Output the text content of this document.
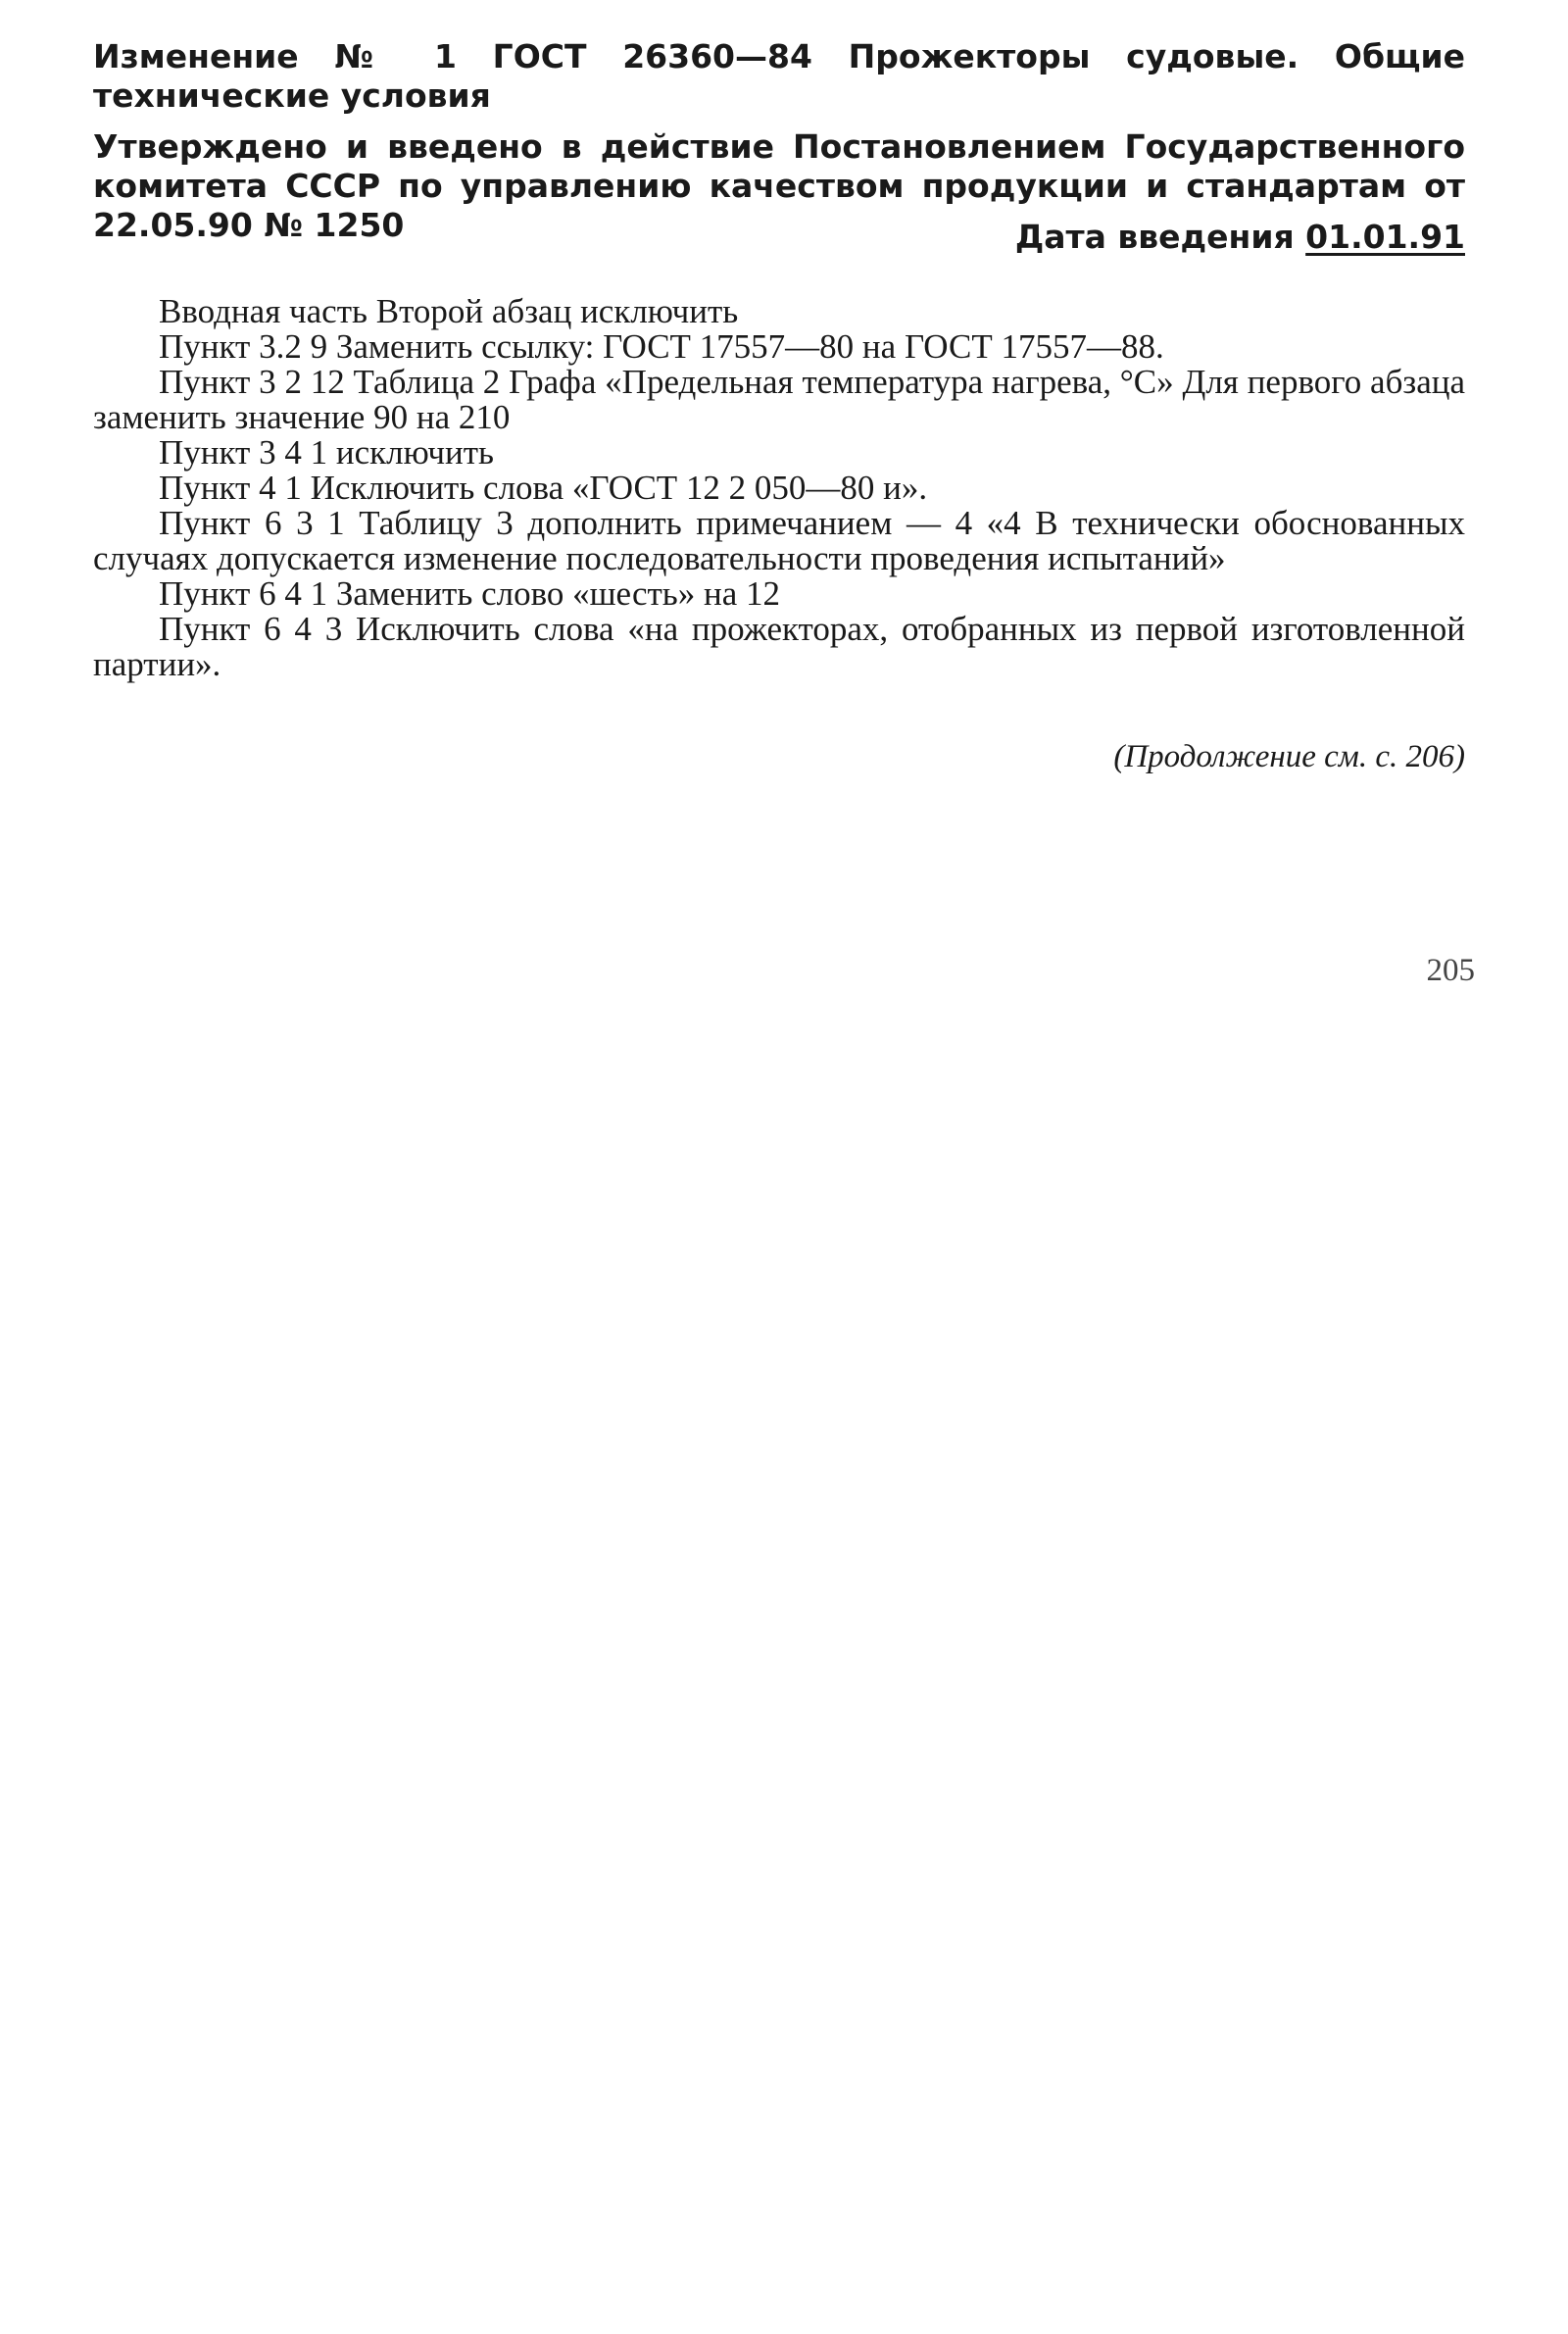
Изменение № 1 ГОСТ 26360—84 Прожекторы судовые. Общие технические условия
Утверждено и введено в действие Постановлением Государственного комитета СССР по управлению качеством продукции и стандартам от 22.05.90 № 1250	Дата введения 01.01.91

Вводная часть Второй абзац исключить

Пункт 3.2 9 Заменить ссылку: ГОСТ 17557—80 на ГОСТ 17557—88.

Пункт 3 2 12 Таблица 2 Графа «Предельная температура нагрева, °С» Для первого абзаца заменить значение 90 на 210

Пункт 3 4 1 исключить

Пункт 4 1 Исключить слова «ГОСТ 12 2 050—80 и».

Пункт 6 3 1 Таблицу 3 дополнить примечанием — 4 «4 В технически обоснованных случаях допускается изменение последовательности проведения испытаний»

Пункт 6 4 1 Заменить слово «шесть» на 12

Пункт 6 4 3 Исключить слова «на прожекторах, отобранных из первой изготовленной партии».

(Продолжение см. с. 206)
205
